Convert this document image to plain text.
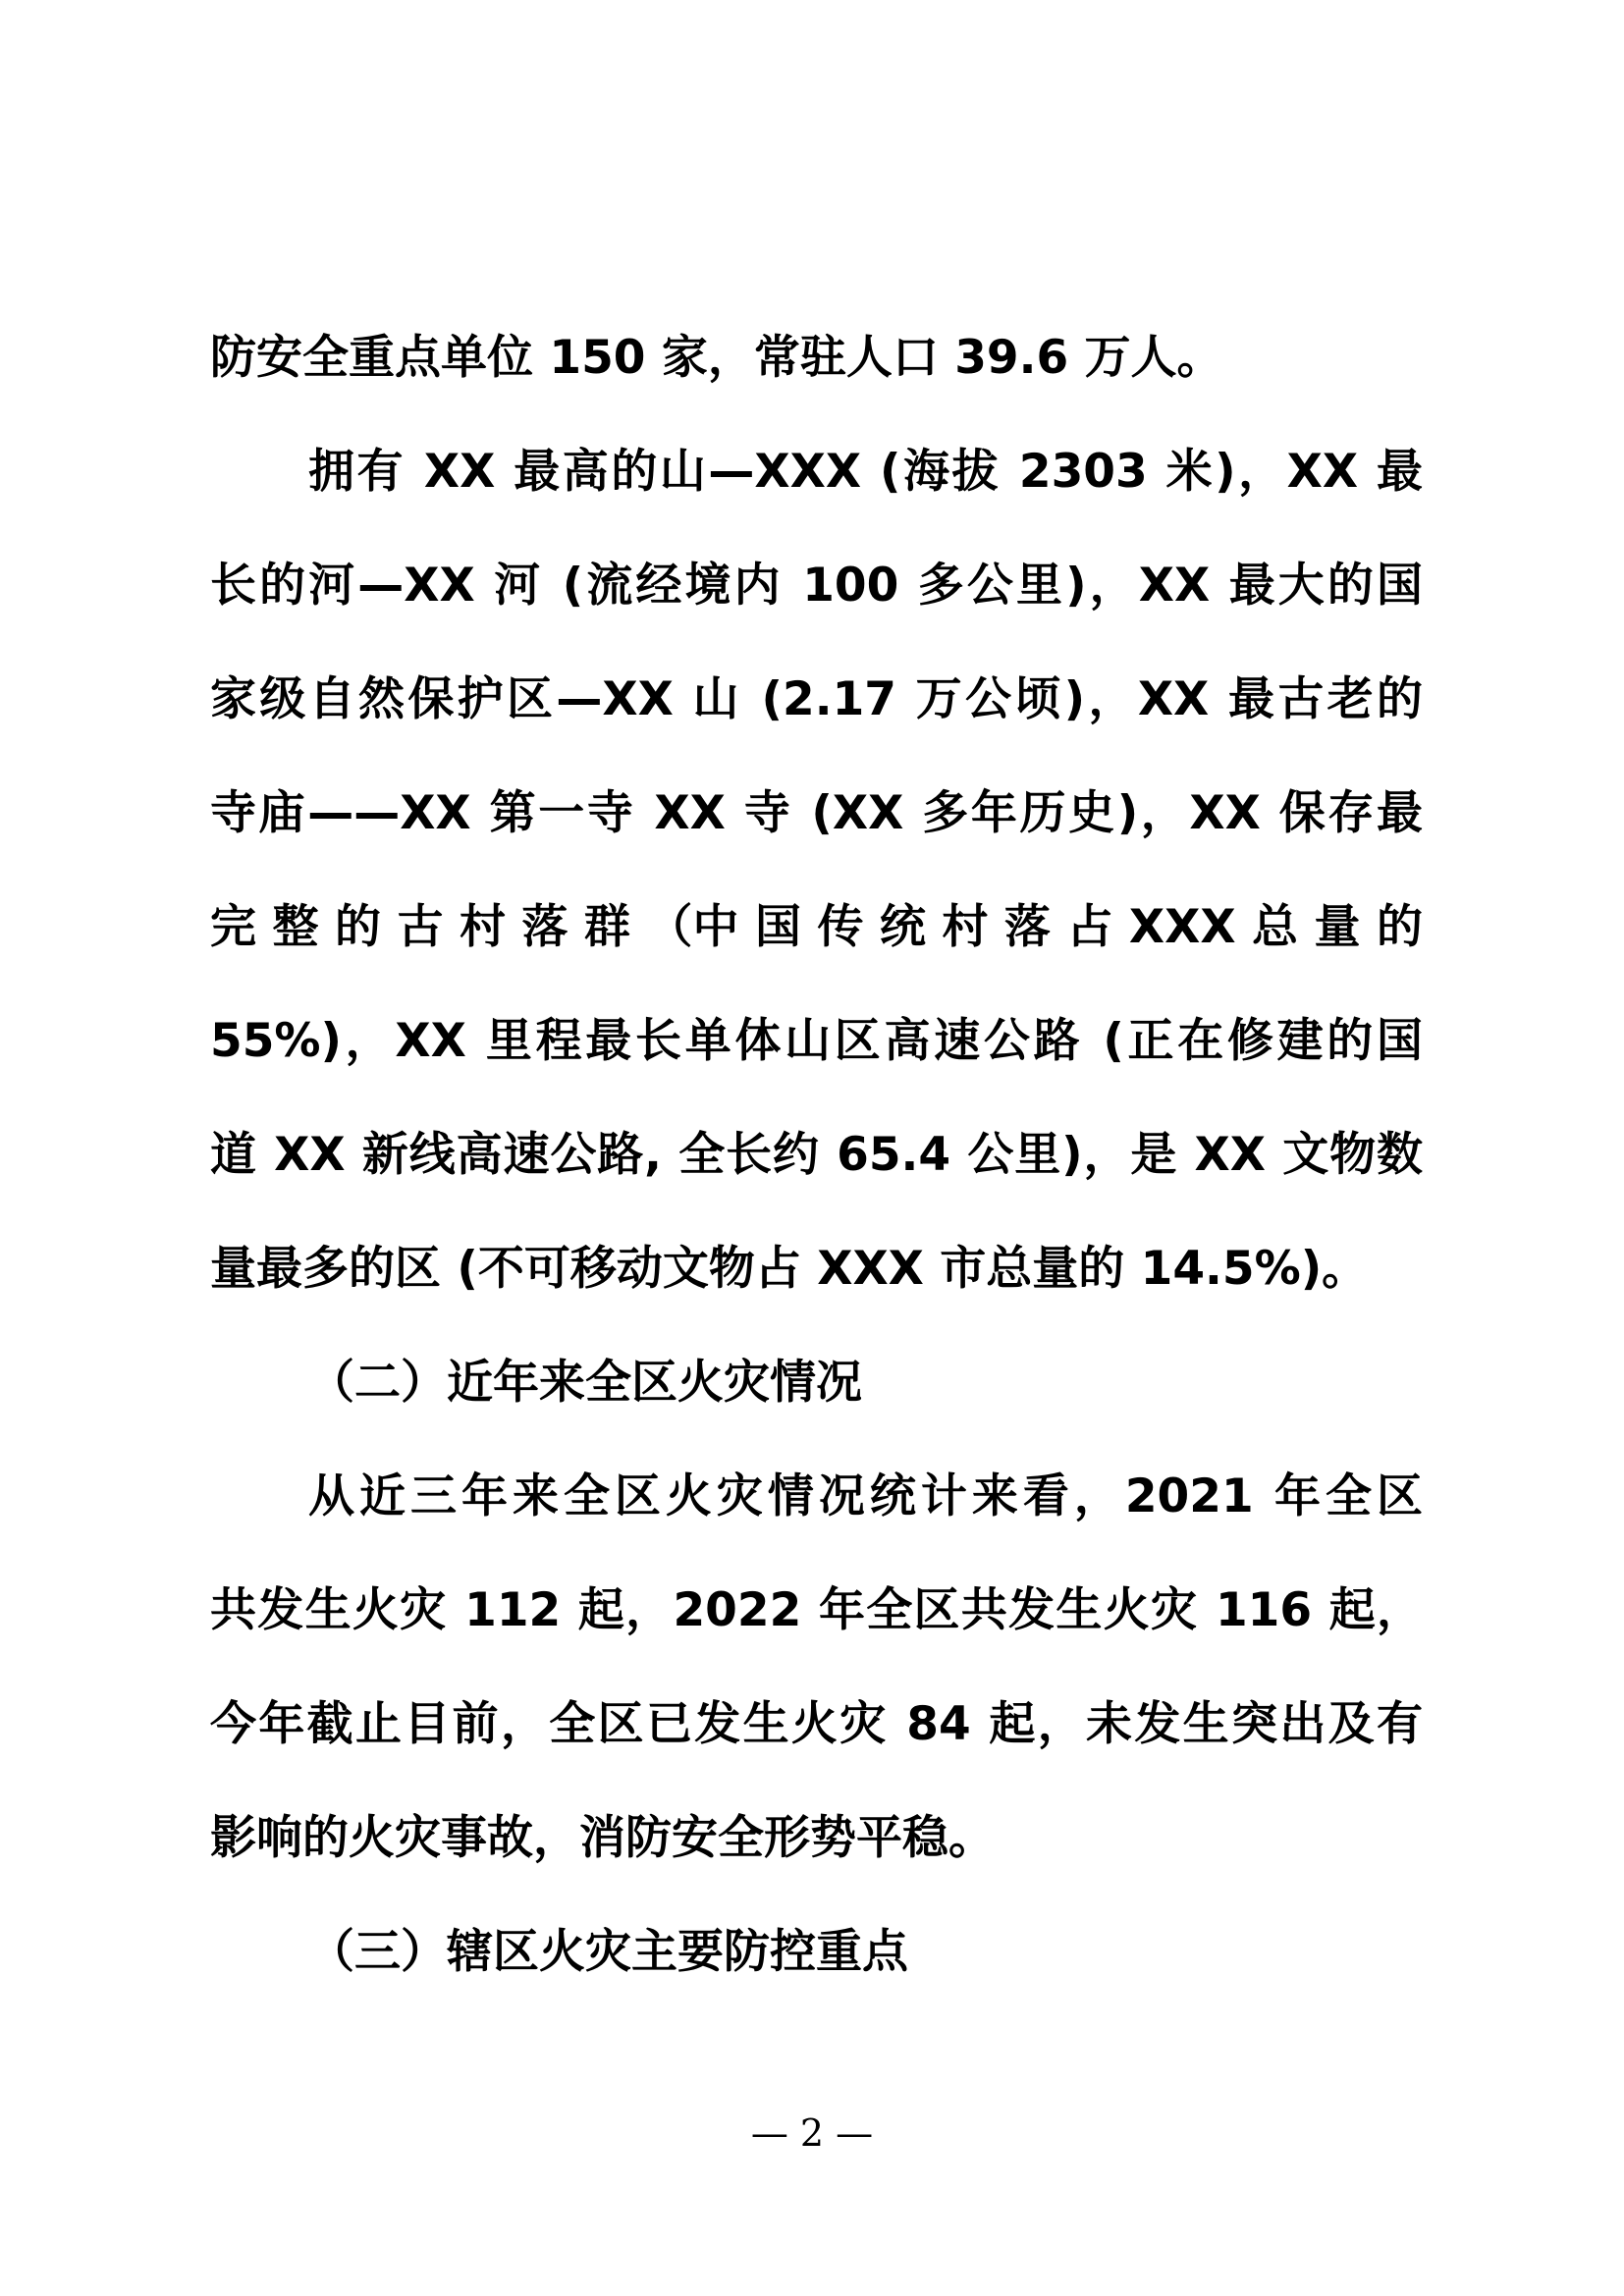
防安全重点单位 150 家，常驻人口 39.6 万人。
拥有 XX 最高的山—XXX (海拔 2303 米)，XX 最
长的河—XX 河 (流经境内 100 多公里)，XX 最大的国
家级自然保护区—XX 山 (2.17 万公顷)，XX 最古老的
寺庙——XX 第一寺 XX 寺 (XX 多年历史)，XX 保存最
完 整 的 古 村 落 群 （中 国 传 统 村 落 占 XXX 总 量 的
55%)，XX 里程最长单体山区高速公路 (正在修建的国
道 XX 新线高速公路, 全长约 65.4 公里)，是 XX 文物数
量最多的区 (不可移动文物占 XXX 市总量的 14.5%)。
（二）近年来全区火灾情况
从近三年来全区火灾情况统计来看，2021 年全区
共发生火灾 112 起，2022 年全区共发生火灾 116 起，
今年截止目前，全区已发生火灾 84 起，未发生突出及有
影响的火灾事故，消防安全形势平稳。
（三）辖区火灾主要防控重点
— 2 —
